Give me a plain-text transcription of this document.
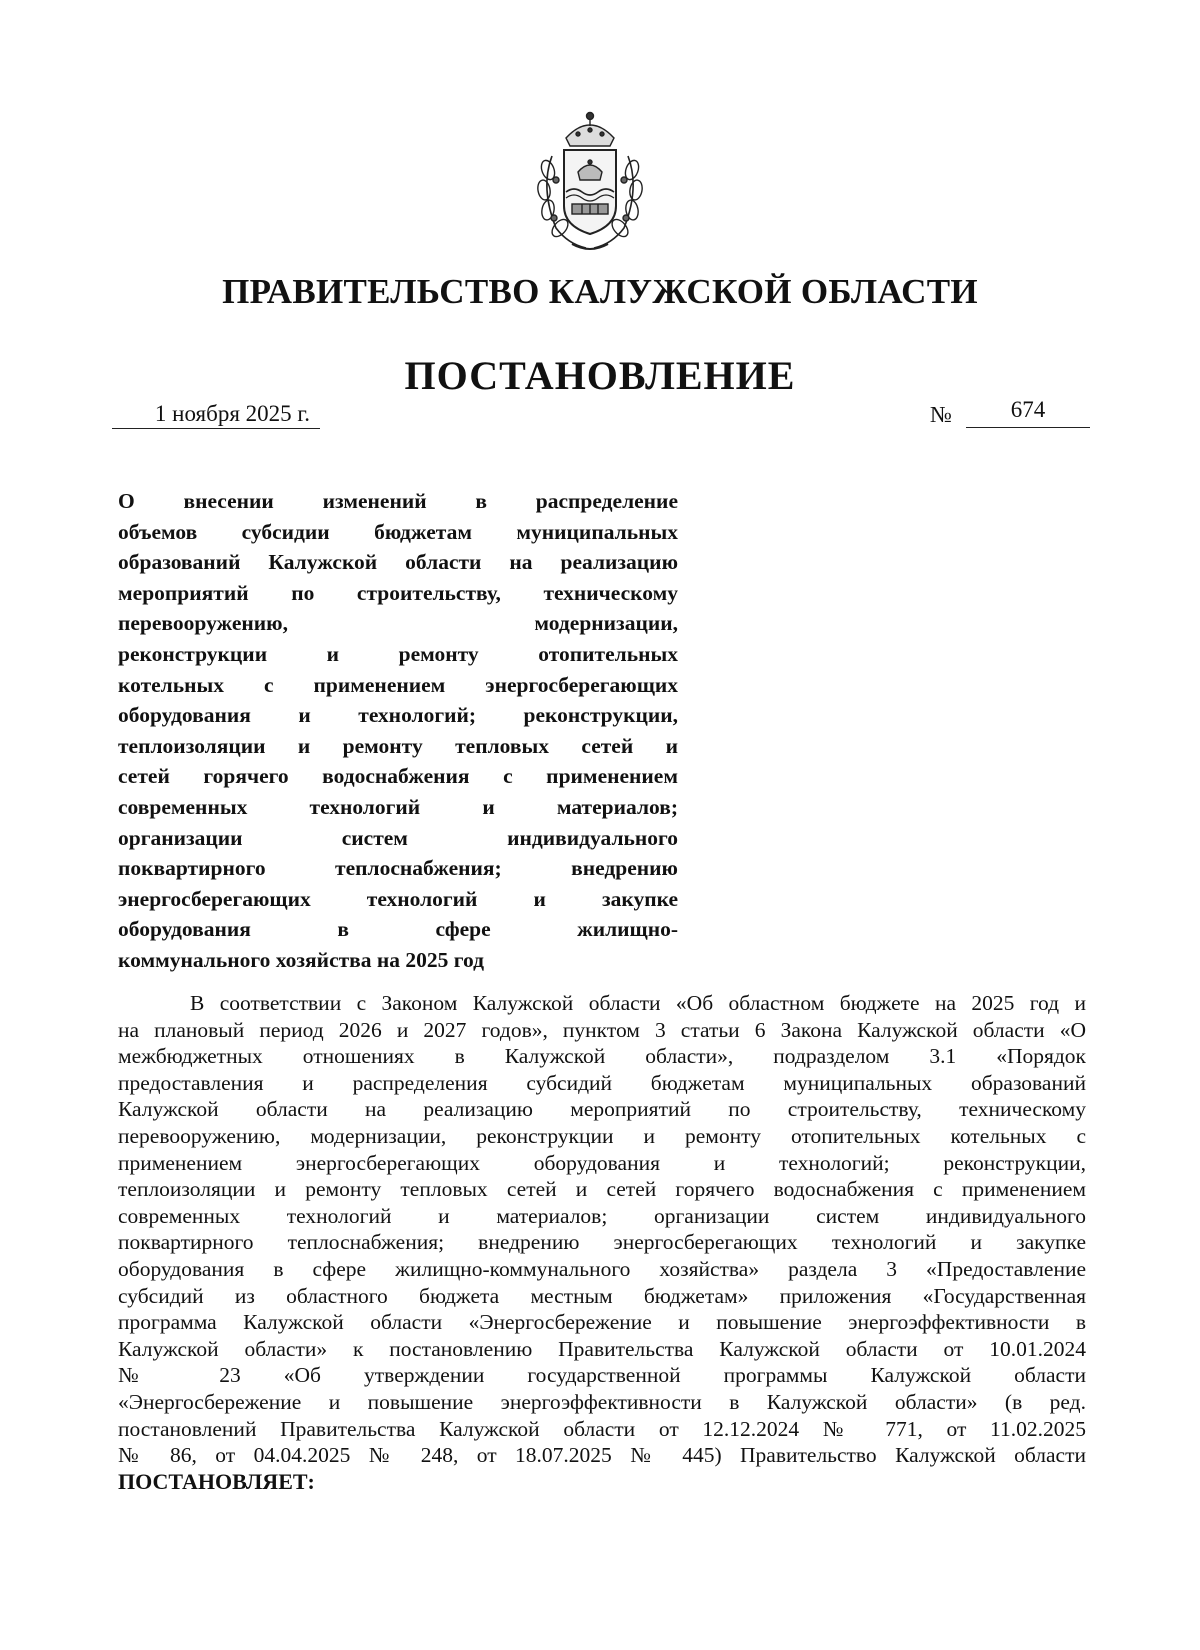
ПРАВИТЕЛЬСТВО КАЛУЖСКОЙ ОБЛАСТИ
ПОСТАНОВЛЕНИЕ
1 ноября 2025 г.	№	674
О внесении изменений в распределение
объемов субсидии бюджетам муниципальных
образований Калужской области на реализацию
мероприятий по строительству, техническому
перевооружению, модернизации,
реконструкции и ремонту отопительных
котельных с применением энергосберегающих
оборудования и технологий; реконструкции,
теплоизоляции и ремонту тепловых сетей и
сетей горячего водоснабжения с применением
современных технологий и материалов;
организации систем индивидуального
поквартирного теплоснабжения; внедрению
энергосберегающих технологий и закупке
оборудования в сфере жилищно-
коммунального хозяйства на 2025 год
В соответствии с Законом Калужской области «Об областном бюджете на 2025 год и
на плановый период 2026 и 2027 годов», пунктом 3 статьи 6 Закона Калужской области «О
межбюджетных отношениях в Калужской области», подразделом 3.1 «Порядок
предоставления и распределения субсидий бюджетам муниципальных образований
Калужской области на реализацию мероприятий по строительству, техническому
перевооружению, модернизации, реконструкции и ремонту отопительных котельных с
применением энергосберегающих оборудования и технологий; реконструкции,
теплоизоляции и ремонту тепловых сетей и сетей горячего водоснабжения с применением
современных технологий и материалов; организации систем индивидуального
поквартирного теплоснабжения; внедрению энергосберегающих технологий и закупке
оборудования в сфере жилищно-коммунального хозяйства» раздела 3 «Предоставление
субсидий из областного бюджета местным бюджетам» приложения «Государственная
программа Калужской области «Энергосбережение и повышение энергоэффективности в
Калужской области» к постановлению Правительства Калужской области от 10.01.2024
№ 23 «Об утверждении государственной программы Калужской области
«Энергосбережение и повышение энергоэффективности в Калужской области» (в ред.
постановлений Правительства Калужской области от 12.12.2024 № 771, от 11.02.2025
№ 86, от 04.04.2025 № 248, от 18.07.2025 № 445) Правительство Калужской области
ПОСТАНОВЛЯЕТ:
